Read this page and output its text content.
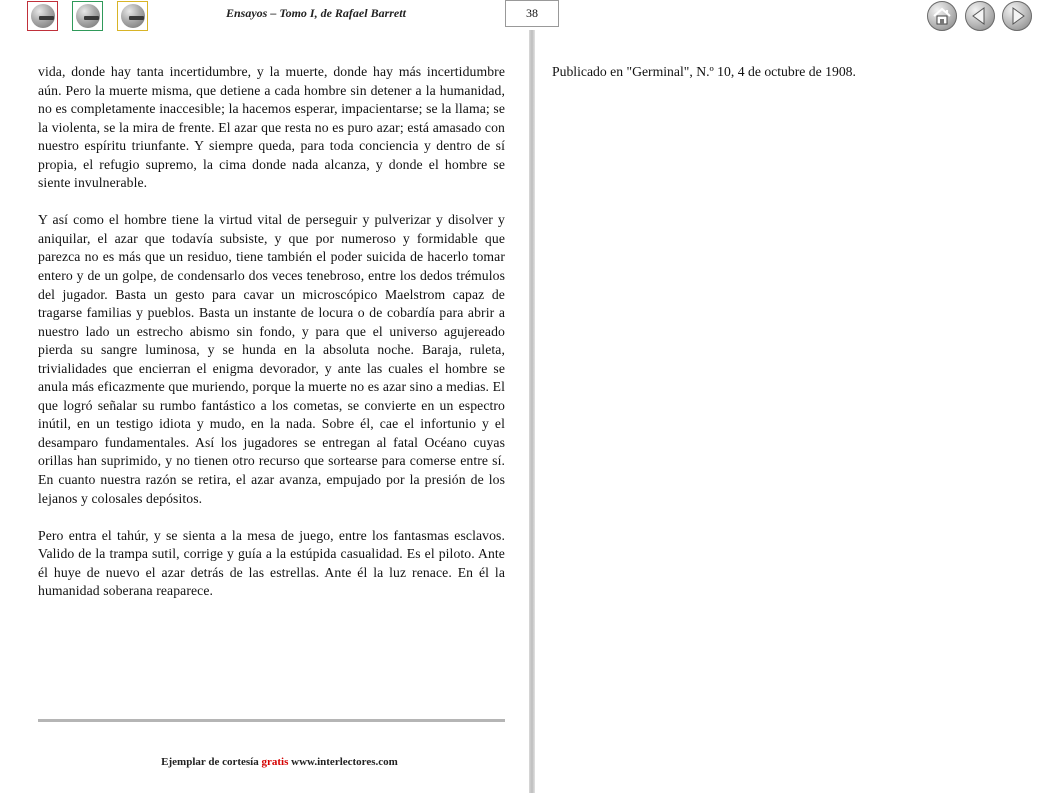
Ensayos – Tomo I, de Rafael Barrett	38

vida, donde hay tanta incertidumbre, y la muerte, donde hay más incertidumbre aún. Pero la muerte misma, que detiene a cada hombre sin detener a la humanidad, no es completamente inaccesible; la hacemos esperar, impacientarse; se la llama; se la violenta, se la mira de frente. El azar que resta no es puro azar; está amasado con nuestro espíritu triunfante. Y siempre queda, para toda conciencia y dentro de sí propia, el refugio supremo, la cima donde nada alcanza, y donde el hombre se siente invulnerable.

Y así como el hombre tiene la virtud vital de perseguir y pulverizar y disolver y aniquilar, el azar que todavía subsiste, y que por numeroso y formidable que parezca no es más que un residuo, tiene también el poder suicida de hacerlo tomar entero y de un golpe, de condensarlo dos veces tenebroso, entre los dedos trémulos del jugador. Basta un gesto para cavar un microscópico Maelstrom capaz de tragarse familias y pueblos. Basta un instante de locura o de cobardía para abrir a nuestro lado un estrecho abismo sin fondo, y para que el universo agujereado pierda su sangre luminosa, y se hunda en la absoluta noche. Baraja, ruleta, trivialidades que encierran el enigma devorador, y ante las cuales el hombre se anula más eficazmente que muriendo, porque la muerte no es azar sino a medias. El que logró señalar su rumbo fantástico a los cometas, se convierte en un espectro inútil, en un testigo idiota y mudo, en la nada. Sobre él, cae el infortunio y el desamparo fundamentales. Así los jugadores se entregan al fatal Océano cuyas orillas han suprimido, y no tienen otro recurso que sortearse para comerse entre sí. En cuanto nuestra razón se retira, el azar avanza, empujado por la presión de los lejanos y colosales depósitos.

Pero entra el tahúr, y se sienta a la mesa de juego, entre los fantasmas esclavos. Valido de la trampa sutil, corrige y guía a la estúpida casualidad. Es el piloto. Ante él huye de nuevo el azar detrás de las estrellas. Ante él la luz renace. En él la humanidad soberana reaparece.

Publicado en "Germinal", N.º 10, 4 de octubre de 1908.
Ejemplar de cortesía gratis www.interlectores.com
